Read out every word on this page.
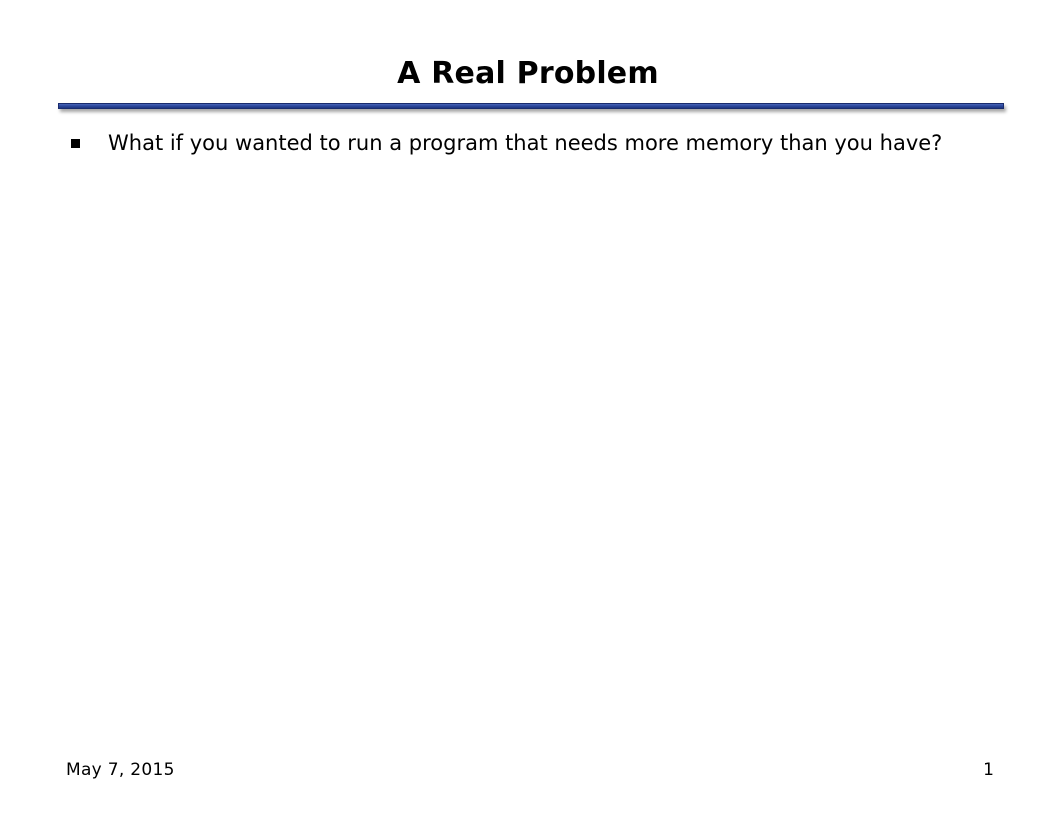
A Real Problem
What if you wanted to run a program that needs more memory than you have?
May 7, 2015	1
